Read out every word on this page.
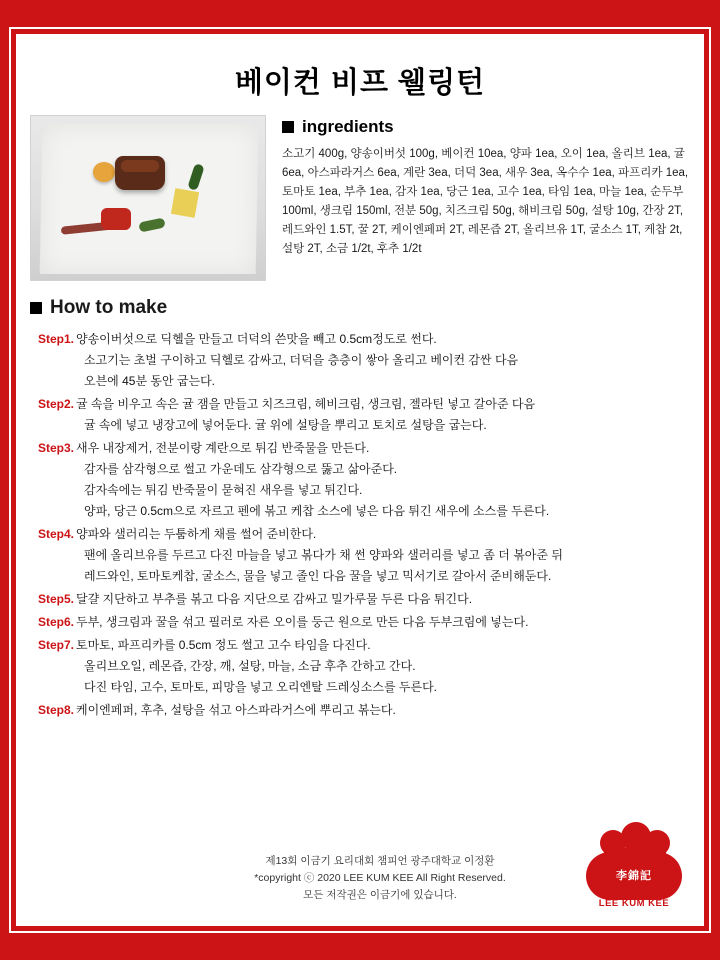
베이컨 비프 웰링턴
ingredients
소고기 400g, 양송이버섯 100g, 베이컨 10ea, 양파 1ea, 오이 1ea, 올리브 1ea, 귤 6ea, 아스파라거스 6ea, 계란 3ea, 더덕 3ea, 새우 3ea, 옥수수 1ea, 파프리카 1ea, 토마토 1ea, 부추 1ea, 감자 1ea, 당근 1ea, 고수 1ea, 타임 1ea, 마늘 1ea, 순두부 100ml, 생크림 150ml, 전분 50g, 치즈크림 50g, 해비크림 50g, 설탕 10g, 간장 2T, 레드와인 1.5T, 꿀 2T, 케이엔페퍼 2T, 레몬즙 2T, 올리브유 1T, 굴소스 1T, 케찹 2t, 설탕 2T, 소금 1/2t, 후추 1/2t
How to make
Step1. 양송이버섯으로 딕헬을 만들고 더덕의 쓴맛을 빼고 0.5cm정도로 썬다.
소고기는 초벌 구이하고 딕헬로 감싸고, 더덕을 층층이 쌓아 올리고 베이컨 감싼 다음
오븐에 45분 동안 굽는다.
Step2. 귤 속을 비우고 속은 귤 잼을 만들고 치즈크림, 헤비크림, 생크림, 젤라틴 넣고 갈아준 다음
귤 속에 넣고 냉장고에 넣어둔다. 귤 위에 설탕을 뿌리고 토치로 설탕을 굽는다.
Step3. 새우 내장제거, 전분이랑 계란으로 튀김 반죽물을 만든다.
감자를 삼각형으로 썰고 가운데도 삼각형으로 뚫고 삶아준다.
감자속에는 튀김 반죽물이 묻혀진 새우를 넣고 튀긴다.
양파, 당근 0.5cm으로 자르고 펜에 볶고 케찹 소스에 넣은 다음 튀긴 새우에 소스를 두른다.
Step4. 양파와 샐러리는 두툼하게 채를 썰어 준비한다.
팬에 올리브유를 두르고 다진 마늘을 넣고 볶다가 채 썬 양파와 샐러리를 넣고 좀 더 볶아준 뒤
레드와인, 토마토케찹, 굴소스, 물을 넣고 졸인 다음 꿀을 넣고 믹서기로 갈아서 준비해둔다.
Step5. 달걀 지단하고 부추를 볶고 다음 지단으로 감싸고 밀가루물 두른 다음 튀긴다.
Step6. 두부, 생크림과 꿀을 섞고 필러로 자른 오이를 둥근 원으로 만든 다음 두부크림에 넣는다.
Step7. 토마토, 파프리카를 0.5cm 정도 썰고 고수 타임을 다진다.
올리브오일, 레몬즙, 간장, 깨, 설탕, 마늘, 소금 후추 간하고 간다.
다진 타임, 고수, 토마토, 피망을 넣고 오리엔탈 드레싱소스를 두른다.
Step8. 케이엔페퍼, 후추, 설탕을 섞고 아스파라거스에 뿌리고 볶는다.
제13회 이금기 요리대회 챔피언 광주대학교 이정환
*copyright ⓒ 2020 LEE KUM KEE All Right Reserved.
모든 저작권은 이금기에 있습니다.
李錦記
LEE KUM KEE
